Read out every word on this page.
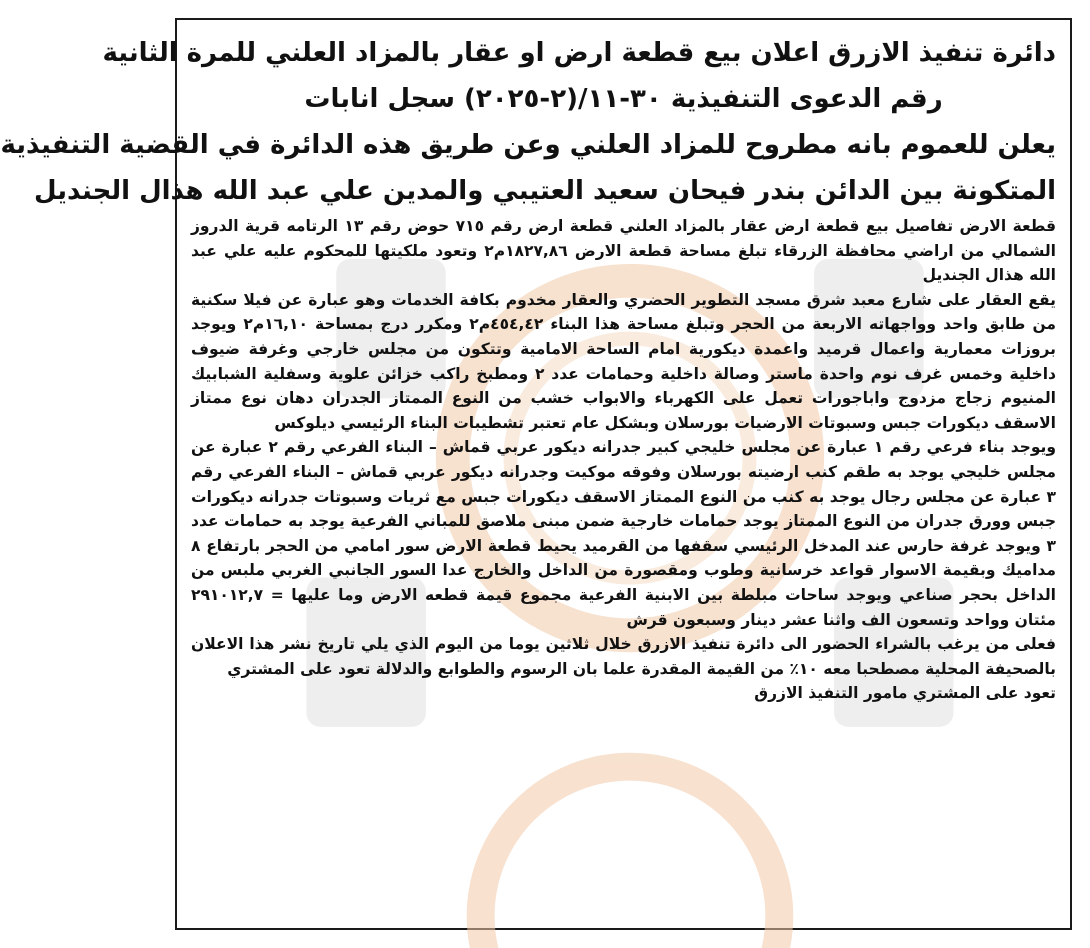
دائرة تنفيذ الازرق اعلان بيع قطعة ارض او عقار بالمزاد العلني للمرة الثانية

رقم الدعوى التنفيذية ٣٠-١١/(٢-٢٠٢٥) سجل انابات

يعلن للعموم بانه مطروح للمزاد العلني وعن طريق هذه الدائرة في القضية التنفيذية

المتكونة بين الدائن بندر فيحان سعيد العتيبي والمدين علي عبد الله هذال الجنديل

قطعة الارض تفاصيل بيع قطعة ارض عقار بالمزاد العلني قطعة ارض رقم ٧١٥ حوض رقم ١٣ الرتامه قرية الدروز الشمالي من اراضي محافظة الزرقاء تبلغ مساحة قطعة الارض ١٨٢٧,٨٦م٢ وتعود ملكيتها للمحكوم عليه علي عبد الله هذال الجنديل

يقع العقار على شارع معبد شرق مسجد التطوير الحضري والعقار مخدوم بكافة الخدمات وهو عبارة عن فيلا سكنية من طابق واحد وواجهاته الاربعة من الحجر وتبلغ مساحة هذا البناء ٤٥٤,٤٢م٢ ومكرر درج بمساحة ١٦,١٠م٢ ويوجد بروزات معمارية واعمال قرميد واعمدة ديكورية امام الساحة الامامية وتتكون من مجلس خارجي وغرفة ضيوف داخلية وخمس غرف نوم واحدة ماستر وصالة داخلية وحمامات عدد ٢ ومطبخ راكب خزائن علوية وسفلية الشبابيك المنيوم زجاج مزدوج واباجورات تعمل على الكهرباء والابواب خشب من النوع الممتاز الجدران دهان نوع ممتاز الاسقف ديكورات جبس وسبوتات الارضيات بورسلان وبشكل عام تعتبر تشطيبات البناء الرئيسي ديلوكس

ويوجد بناء فرعي رقم ١ عبارة عن مجلس خليجي كبير جدرانه ديكور عربي قماش – البناء الفرعي رقم ٢ عبارة عن مجلس خليجي يوجد به طقم كنب ارضيته بورسلان وفوقه موكيت وجدرانه ديكور عربي قماش – البناء الفرعي رقم ٣ عبارة عن مجلس رجال يوجد به كنب من النوع الممتاز الاسقف ديكورات جبس مع ثريات وسبوتات جدرانه ديكورات جبس وورق جدران من النوع الممتاز يوجد حمامات خارجية ضمن مبنى ملاصق للمباني الفرعية يوجد به حمامات عدد ٣ ويوجد غرفة حارس عند المدخل الرئيسي سقفها من القرميد يحيط قطعة الارض سور امامي من الحجر بارتفاع ٨ مداميك وبقيمة الاسوار قواعد خرسانية وطوب ومقصورة من الداخل والخارج عدا السور الجانبي الغربي ملبس من الداخل بحجر صناعي ويوجد ساحات مبلطة بين الابنية الفرعية مجموع قيمة قطعه الارض وما عليها = ٢٩١٠١٢,٧ مئتان وواحد وتسعون الف واثنا عشر دينار وسبعون قرش

فعلى من يرغب بالشراء الحضور الى دائرة تنفيذ الازرق خلال ثلاثين يوما من اليوم الذي يلي تاريخ نشر هذا الاعلان بالصحيفة المحلية مصطحبا معه ١٠٪ من القيمة المقدرة علما بان الرسوم والطوابع والدلالة تعود على المشتري

تعود على المشتري مامور التنفيذ الازرق
